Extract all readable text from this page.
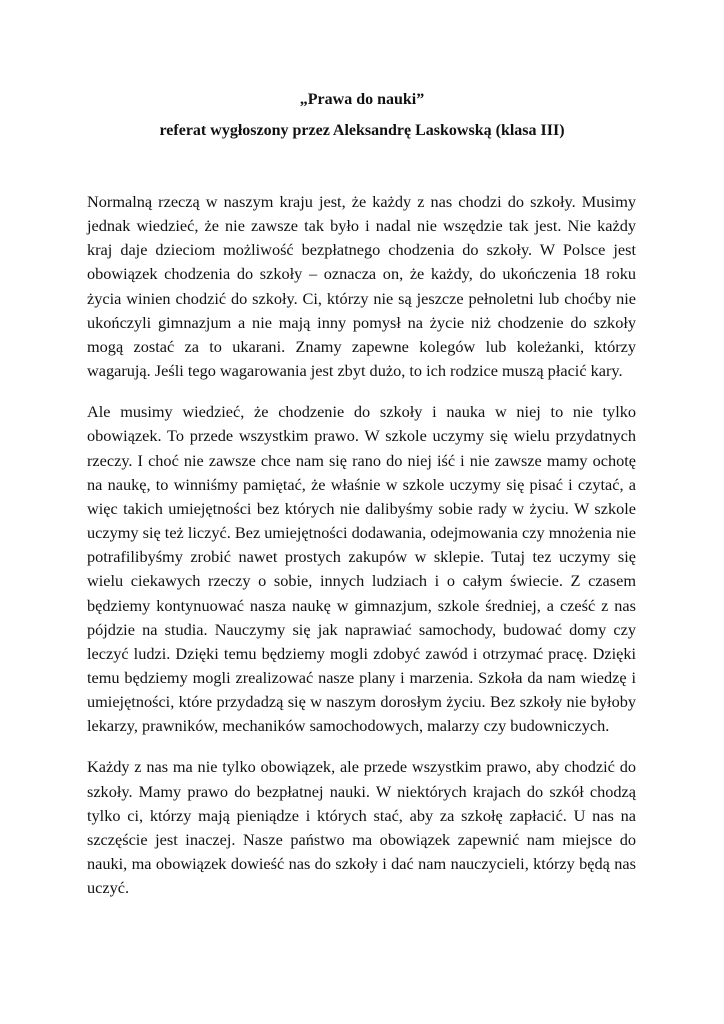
„Prawa do nauki”
referat wygłoszony przez Aleksandrę Laskowską (klasa III)

Normalną rzeczą w naszym kraju jest, że każdy z nas chodzi do szkoły. Musimy jednak wiedzieć, że nie zawsze tak było i nadal nie wszędzie tak jest. Nie każdy kraj daje dzieciom możliwość bezpłatnego chodzenia do szkoły. W Polsce jest obowiązek chodzenia do szkoły – oznacza on, że każdy, do ukończenia 18 roku życia winien chodzić do szkoły. Ci, którzy nie są jeszcze pełnoletni lub choćby nie ukończyli gimnazjum a nie mają inny pomysł na życie niż chodzenie do szkoły mogą zostać za to ukarani. Znamy zapewne kolegów lub koleżanki, którzy wagarują. Jeśli tego wagarowania jest zbyt dużo, to ich rodzice muszą płacić kary.

Ale musimy wiedzieć, że chodzenie do szkoły i nauka w niej to nie tylko obowiązek. To przede wszystkim prawo. W szkole uczymy się wielu przydatnych rzeczy. I choć nie zawsze chce nam się rano do niej iść i nie zawsze mamy ochotę na naukę, to winniśmy pamiętać, że właśnie w szkole uczymy się pisać i czytać, a więc takich umiejętności bez których nie dalibyśmy sobie rady w życiu. W szkole uczymy się też liczyć. Bez umiejętności dodawania, odejmowania czy mnożenia nie potrafilibyśmy zrobić nawet prostych zakupów w sklepie. Tutaj tez uczymy się wielu ciekawych rzeczy o sobie, innych ludziach i o całym świecie. Z czasem będziemy kontynuować nasza naukę w gimnazjum, szkole średniej, a cześć z nas pójdzie na studia. Nauczymy się jak naprawiać samochody, budować domy czy leczyć ludzi. Dzięki temu będziemy mogli zdobyć zawód i otrzymać pracę. Dzięki temu będziemy mogli zrealizować nasze plany i marzenia. Szkoła da nam wiedzę i umiejętności, które przydadzą się w naszym dorosłym życiu. Bez szkoły nie byłoby lekarzy, prawników, mechaników samochodowych, malarzy czy budowniczych.

Każdy z nas ma nie tylko obowiązek, ale przede wszystkim prawo, aby chodzić do szkoły. Mamy prawo do bezpłatnej nauki. W niektórych krajach do szkół chodzą tylko ci, którzy mają pieniądze i których stać, aby za szkołę zapłacić. U nas na szczęście jest inaczej. Nasze państwo ma obowiązek zapewnić nam miejsce do nauki, ma obowiązek dowieść nas do szkoły i dać nam nauczycieli, którzy będą nas uczyć.
